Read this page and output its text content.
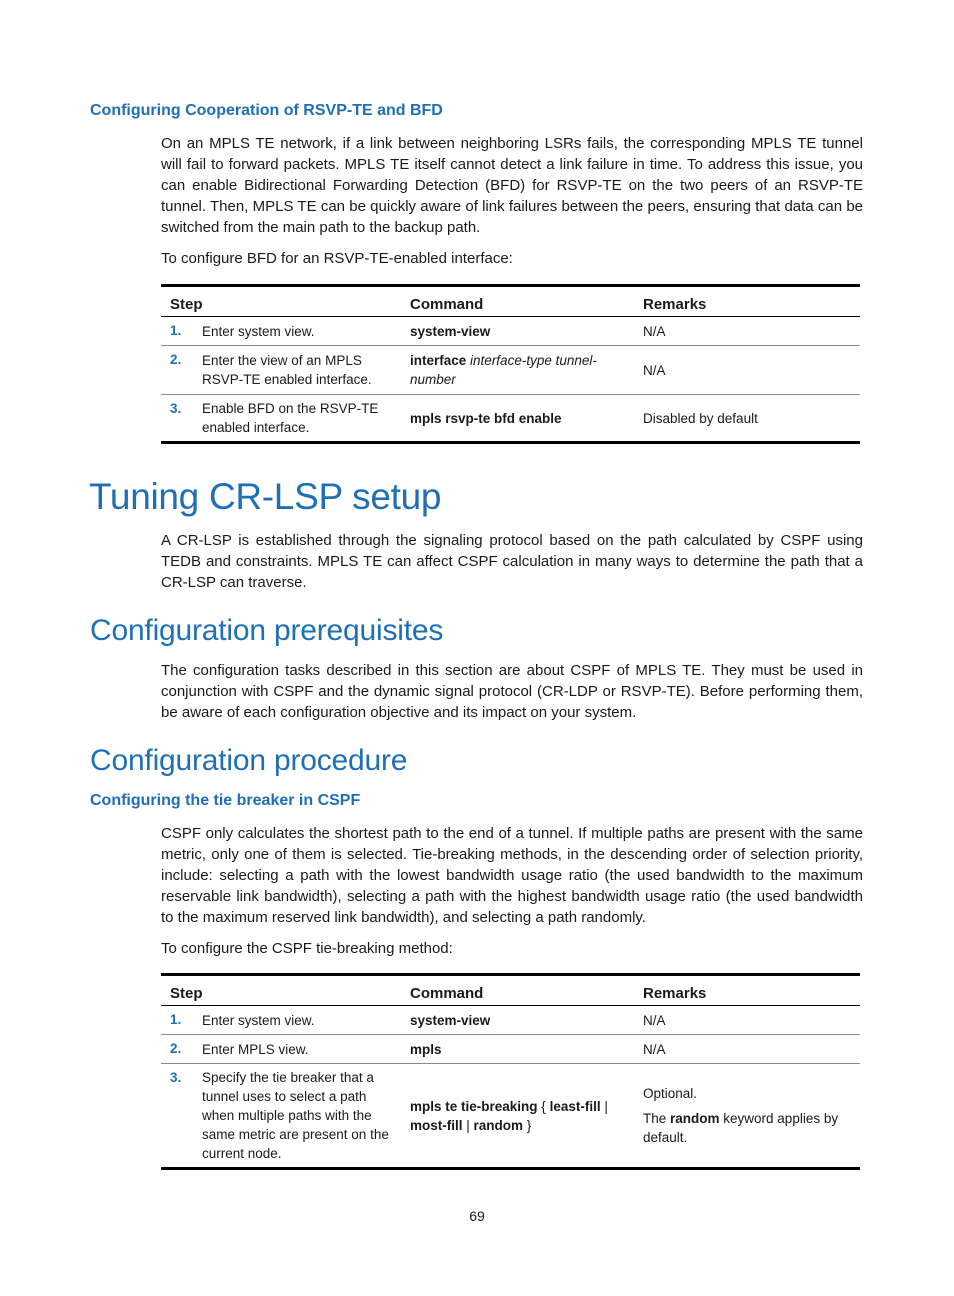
Configuring Cooperation of RSVP-TE and BFD

On an MPLS TE network, if a link between neighboring LSRs fails, the corresponding MPLS TE tunnel will fail to forward packets. MPLS TE itself cannot detect a link failure in time. To address this issue, you can enable Bidirectional Forwarding Detection (BFD) for RSVP-TE on the two peers of an RSVP-TE tunnel. Then, MPLS TE can be quickly aware of link failures between the peers, ensuring that data can be switched from the main path to the backup path.

To configure BFD for an RSVP-TE-enabled interface:

Step		Command	Remarks
1.	Enter system view.	system-view	N/A
2.	Enter the view of an MPLS RSVP-TE enabled interface.	interface interface-type tunnel-number	N/A
3.	Enable BFD on the RSVP-TE enabled interface.	mpls rsvp-te bfd enable	Disabled by default
Tuning CR-LSP setup

A CR-LSP is established through the signaling protocol based on the path calculated by CSPF using TEDB and constraints. MPLS TE can affect CSPF calculation in many ways to determine the path that a CR-LSP can traverse.

Configuration prerequisites

The configuration tasks described in this section are about CSPF of MPLS TE. They must be used in conjunction with CSPF and the dynamic signal protocol (CR-LDP or RSVP-TE). Before performing them, be aware of each configuration objective and its impact on your system.

Configuration procedure
Configuring the tie breaker in CSPF

CSPF only calculates the shortest path to the end of a tunnel. If multiple paths are present with the same metric, only one of them is selected. Tie-breaking methods, in the descending order of selection priority, include: selecting a path with the lowest bandwidth usage ratio (the used bandwidth to the maximum reservable link bandwidth), selecting a path with the highest bandwidth usage ratio (the used bandwidth to the maximum reserved link bandwidth), and selecting a path randomly.

To configure the CSPF tie-breaking method:

Step		Command	Remarks
1.	Enter system view.	system-view	N/A
2.	Enter MPLS view.	mpls	N/A
3.	Specify the tie breaker that a tunnel uses to select a path when multiple paths with the same metric are present on the current node.	mpls te tie-breaking { least-fill | most-fill | random }	Optional.
The random keyword applies by default.
69
